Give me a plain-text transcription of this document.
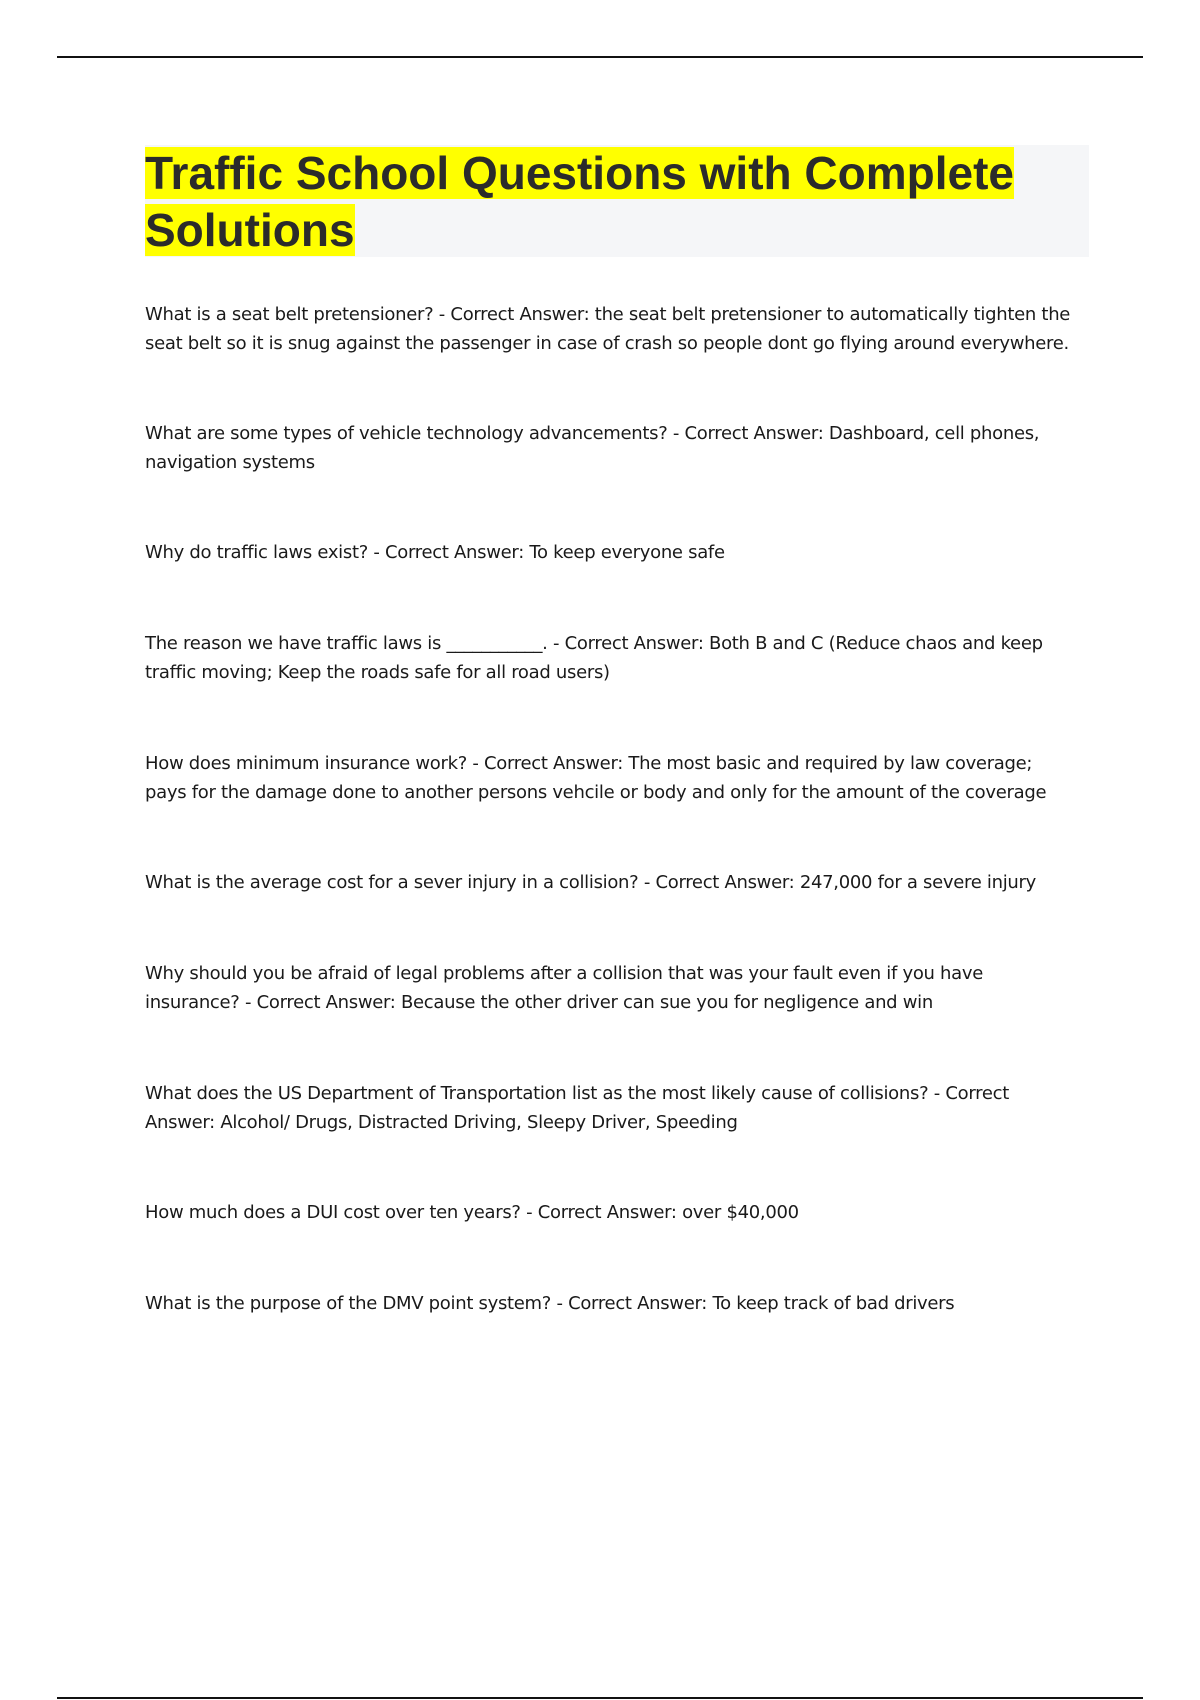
Traffic School Questions with Complete Solutions

What is a seat belt pretensioner? - Correct Answer: the seat belt pretensioner to automatically tighten the seat belt so it is snug against the passenger in case of crash so people dont go flying around everywhere.

What are some types of vehicle technology advancements? - Correct Answer: Dashboard, cell phones, navigation systems

Why do traffic laws exist? - Correct Answer: To keep everyone safe

The reason we have traffic laws is ___________. - Correct Answer: Both B and C (Reduce chaos and keep traffic moving; Keep the roads safe for all road users)

How does minimum insurance work? - Correct Answer: The most basic and required by law coverage; pays for the damage done to another persons vehcile or body and only for the amount of the coverage

What is the average cost for a sever injury in a collision? - Correct Answer: 247,000 for a severe injury

Why should you be afraid of legal problems after a collision that was your fault even if you have insurance? - Correct Answer: Because the other driver can sue you for negligence and win

What does the US Department of Transportation list as the most likely cause of collisions? - Correct Answer: Alcohol/ Drugs, Distracted Driving, Sleepy Driver, Speeding

How much does a DUI cost over ten years? - Correct Answer: over $40,000

What is the purpose of the DMV point system? - Correct Answer: To keep track of bad drivers
